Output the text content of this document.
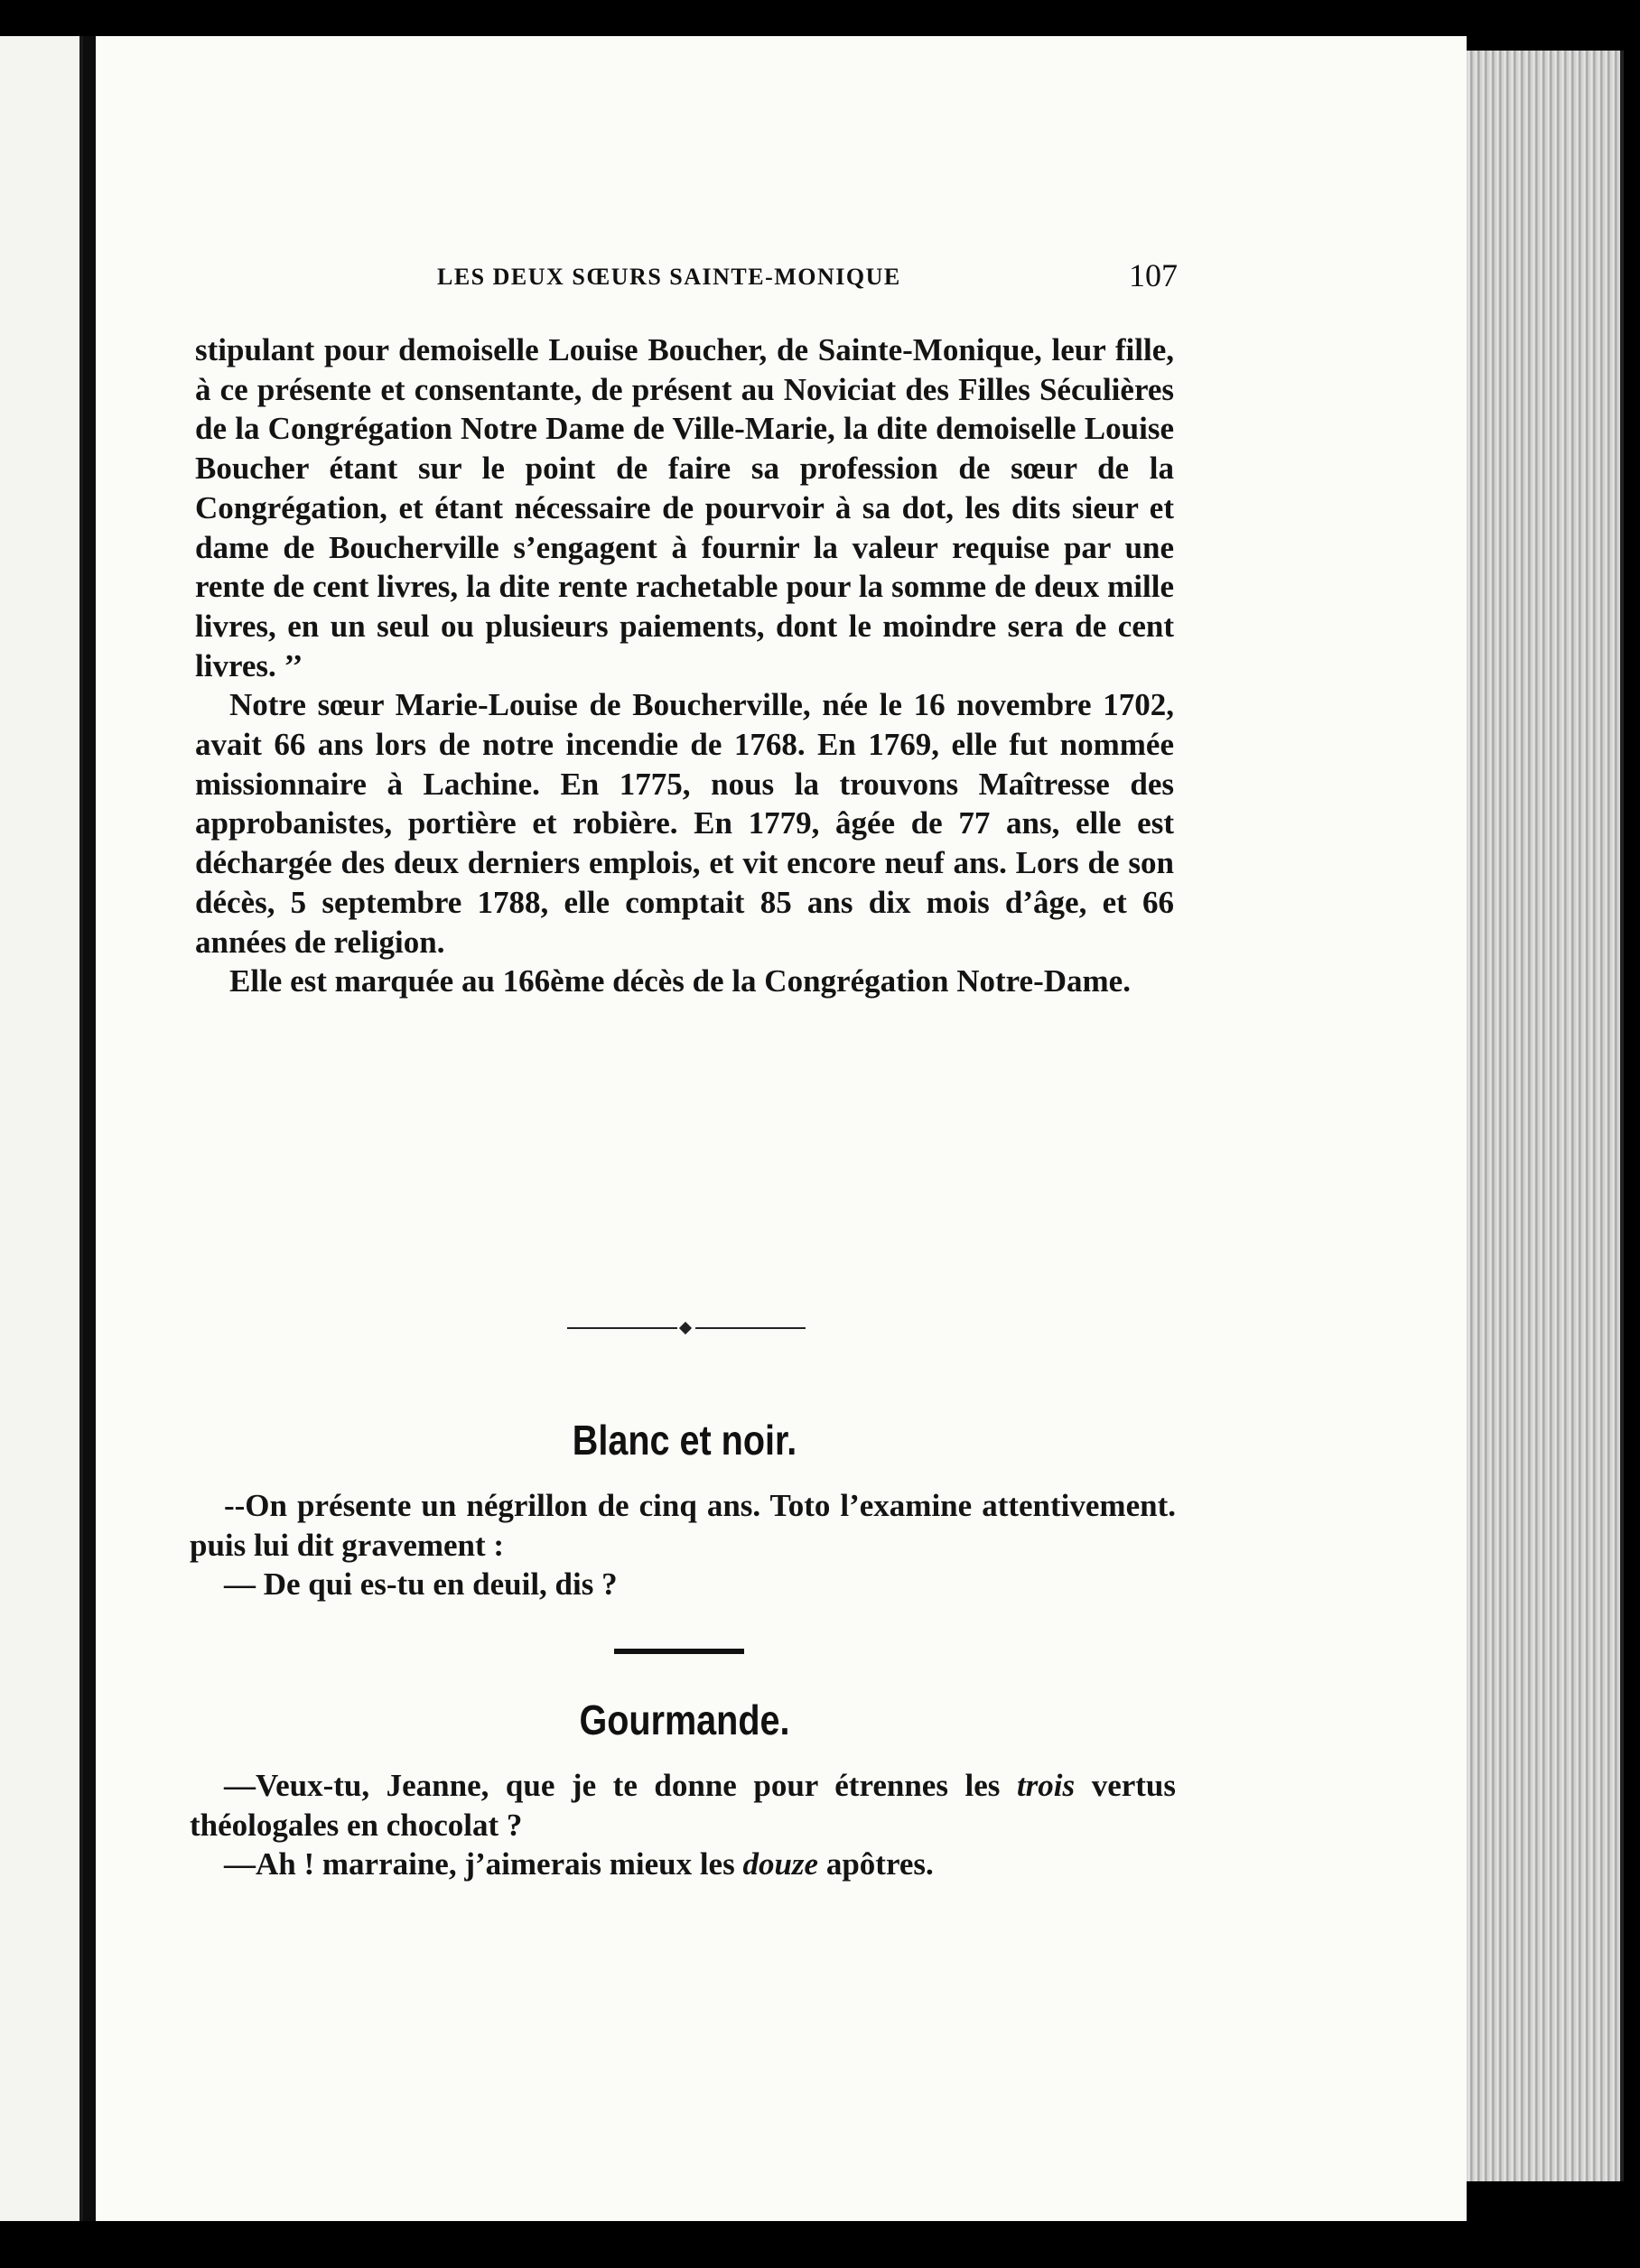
LES DEUX SŒURS SAINTE-MONIQUE	107

stipulant pour demoiselle Louise Boucher, de Sainte-Monique, leur fille, à ce présente et consentante, de présent au Noviciat des Filles Séculières de la Congrégation Notre Dame de Ville-Marie, la dite demoiselle Louise Boucher étant sur le point de faire sa profession de sœur de la Congrégation, et étant nécessaire de pourvoir à sa dot, les dits sieur et dame de Boucherville s’engagent à fournir la valeur requise par une rente de cent livres, la dite rente rachetable pour la somme de deux mille livres, en un seul ou plusieurs paiements, dont le moindre sera de cent livres. ’’

Notre sœur Marie-Louise de Boucherville, née le 16 novembre 1702, avait 66 ans lors de notre incendie de 1768. En 1769, elle fut nommée missionnaire à Lachine. En 1775, nous la trouvons Maîtresse des approbanistes, portière et robière. En 1779, âgée de 77 ans, elle est déchargée des deux derniers emplois, et vit encore neuf ans. Lors de son décès, 5 septembre 1788, elle comptait 85 ans dix mois d’âge, et 66 années de religion.

Elle est marquée au 166ème décès de la Congrégation Notre-Dame.

Blanc et noir.

--On présente un négrillon de cinq ans. Toto l’examine attentivement. puis lui dit gravement :

— De qui es-tu en deuil, dis ?

Gourmande.

—Veux-tu, Jeanne, que je te donne pour étrennes les trois vertus théologales en chocolat ?

—Ah ! marraine, j’aimerais mieux les douze apôtres.
